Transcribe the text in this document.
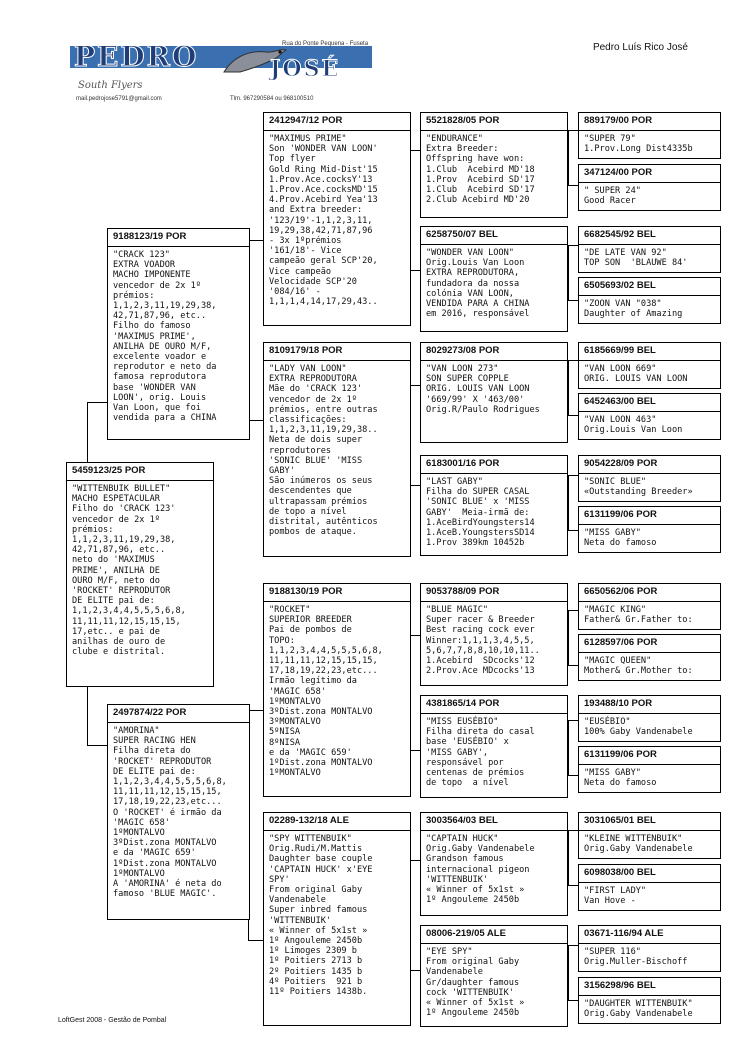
Pedro Luís Rico José
PEDRO	JOSÉ
Rua do Ponte Pequena - Fuseta
South Flyers
mail.pedrojose5791@gmail.com	Tlm. 967290584 ou 968100510
9188123/19 POR
"CRACK 123"
EXTRA VOADOR
MACHO IMPONENTE
vencedor de 2x 1º
prémios:
1,1,2,3,11,19,29,38,
42,71,87,96, etc..
Filho do famoso
'MAXIMUS PRIME',
ANILHA DE OURO M/F,
excelente voador e
reprodutor e neto da
famosa reprodutora
base 'WONDER VAN
LOON', orig. Louis
Van Loon, que foi
vendida para a CHINA
5459123/25 POR
"WITTENBUIK BULLET"
MACHO ESPETACULAR
Filho do 'CRACK 123'
vencedor de 2x 1º
prémios:
1,1,2,3,11,19,29,38,
42,71,87,96, etc..
neto do 'MAXIMUS
PRIME', ANILHA DE
OURO M/F, neto do
'ROCKET' REPRODUTOR
DE ELITE pai de:
1,1,2,3,4,4,5,5,5,6,8,
11,11,11,12,15,15,15,
17,etc.. e pai de
anilhas de ouro de
clube e distrital.
2497874/22 POR
"AMORINA"
SUPER RACING HEN
Filha direta do
'ROCKET' REPRODUTOR
DE ELITE pai de:
1,1,2,3,4,4,5,5,5,6,8,
11,11,11,12,15,15,15,
17,18,19,22,23,etc...
O 'ROCKET' é irmão da
'MAGIC 658'
1ºMONTALVO
3ºDist.zona MONTALVO
e da 'MAGIC 659'
1ºDist.zona MONTALVO
1ºMONTALVO
A 'AMORINA' é neta do
famoso 'BLUE MAGIC'.
2412947/12 POR
"MAXIMUS PRIME"
Son 'WONDER VAN LOON'
Top flyer
Gold Ring Mid-Dist'15
1.Prov.Ace.cocksY'13
1.Prov.Ace.cocksMD'15
4.Prov.Acebird Yea'13
and Extra breeder:
'123/19'-1,1,2,3,11,
19,29,38,42,71,87,96
- 3x 1ºprémios
'161/18'- Vice
campeão geral SCP'20,
Vice campeão
Velocidade SCP'20
'084/16' -
1,1,1,4,14,17,29,43..
8109179/18 POR
"LADY VAN LOON"
EXTRA REPRODUTORA
Mãe do 'CRACK 123'
vencedor de 2x 1º
prémios, entre outras
classificações:
1,1,2,3,11,19,29,38..
Neta de dois super
reprodutores
'SONIC BLUE' 'MISS
GABY'
São inúmeros os seus
descendentes que
ultrapassam prémios
de topo a nível
distrital, autênticos
pombos de ataque.
9188130/19 POR
"ROCKET"
SUPERIOR BREEDER
Pai de pombos de
TOPO:
1,1,2,3,4,4,5,5,5,6,8,
11,11,11,12,15,15,15,
17,18,19,22,23,etc...
Irmão legítimo da
'MAGIC 658'
1ºMONTALVO
3ºDist.zona MONTALVO
3ºMONTALVO
5ºNISA
8ºNISA
e da 'MAGIC 659'
1ºDist.zona MONTALVO
1ºMONTALVO
02289-132/18 ALE
"SPY WITTENBUIK"
Orig.Rudi/M.Mattis
Daughter base couple
'CAPTAIN HUCK' x'EYE
SPY'
From original Gaby
Vandenabele
Super inbred famous
'WITTENBUIK'
« Winner of 5x1st »
1º Angouleme 2450b
1º Limoges 2309 b
1º Poitiers 2713 b
2º Poitiers 1435 b
4º Poitiers  921 b
11º Poitiers 1438b.
5521828/05 POR
"ENDURANCE"
Extra Breeder:
Offspring have won:
1.Club  Acebird MD'18
1.Prov  Acebird SD'17
1.Club  Acebird SD'17
2.Club Acebird MD'20
6258750/07 BEL
"WONDER VAN LOON"
Orig.Louis Van Loon
EXTRA REPRODUTORA,
fundadora da nossa
colónia VAN LOON,
VENDIDA PARA A CHINA
em 2016, responsável
8029273/08 POR
"VAN LOON 273"
SON SUPER COPPLE
ORIG. LOUIS VAN LOON
'669/99' X '463/00'
Orig.R/Paulo Rodrigues
6183001/16 POR
"LAST GABY"
Filha do SUPER CASAL
'SONIC BLUE' x 'MISS
GABY'  Meia-irmã de:
1.AceBirdYoungsters14
1.AceB.YoungstersSD14
1.Prov 389km 10452b
9053788/09 POR
"BLUE MAGIC"
Super racer & Breeder
Best racing cock ever
Winner:1,1,1,3,4,5,5,
5,6,7,7,8,8,10,10,11..
1.Acebird  SDcocks'12
2.Prov.Ace MDcocks'13
4381865/14 POR
"MISS EUSÉBIO"
Filha direta do casal
base 'EUSÉBIO' x
'MISS GABY',
responsável por
centenas de prémios
de topo  a nível
3003564/03 BEL
"CAPTAIN HUCK"
Orig.Gaby Vandenabele
Grandson famous
internacional pigeon
'WITTENBUIK'
« Winner of 5x1st »
1º Angouleme 2450b
08006-219/05 ALE
"EYE SPY"
From original Gaby
Vandenabele
Gr/daughter famous
cock 'WITTENBUIK'
« Winner of 5x1st »
1º Angouleme 2450b
889179/00 POR
"SUPER 79"
1.Prov.Long Dist4335b
347124/00 POR
" SUPER 24"
Good Racer
6682545/92 BEL
"DE LATE VAN 92"
TOP SON  'BLAUWE 84'
6505693/02 BEL
"ZOON VAN "038"
Daughter of Amazing
6185669/99 BEL
"VAN LOON 669"
ORIG. LOUIS VAN LOON
6452463/00 BEL
"VAN LOON 463"
Orig.Louis Van Loon
9054228/09 POR
"SONIC BLUE"
«Outstanding Breeder»
6131199/06 POR
"MISS GABY"
Neta do famoso
6650562/06 POR
"MAGIC KING"
Father& Gr.Father to:
6128597/06 POR
"MAGIC QUEEN"
Mother& Gr.Mother to:
193488/10 POR
"EUSÉBIO"
100% Gaby Vandenabele
6131199/06 POR
"MISS GABY"
Neta do famoso
3031065/01 BEL
"KLEINE WITTENBUIK"
Orig.Gaby Vandenabele
6098038/00 BEL
"FIRST LADY"
Van Hove -
03671-116/94 ALE
"SUPER 116"
Orig.Muller-Bischoff
3156298/96 BEL
"DAUGHTER WITTENBUIK"
Orig.Gaby Vandenabele
LoftGest 2008 - Gestão de Pombal
